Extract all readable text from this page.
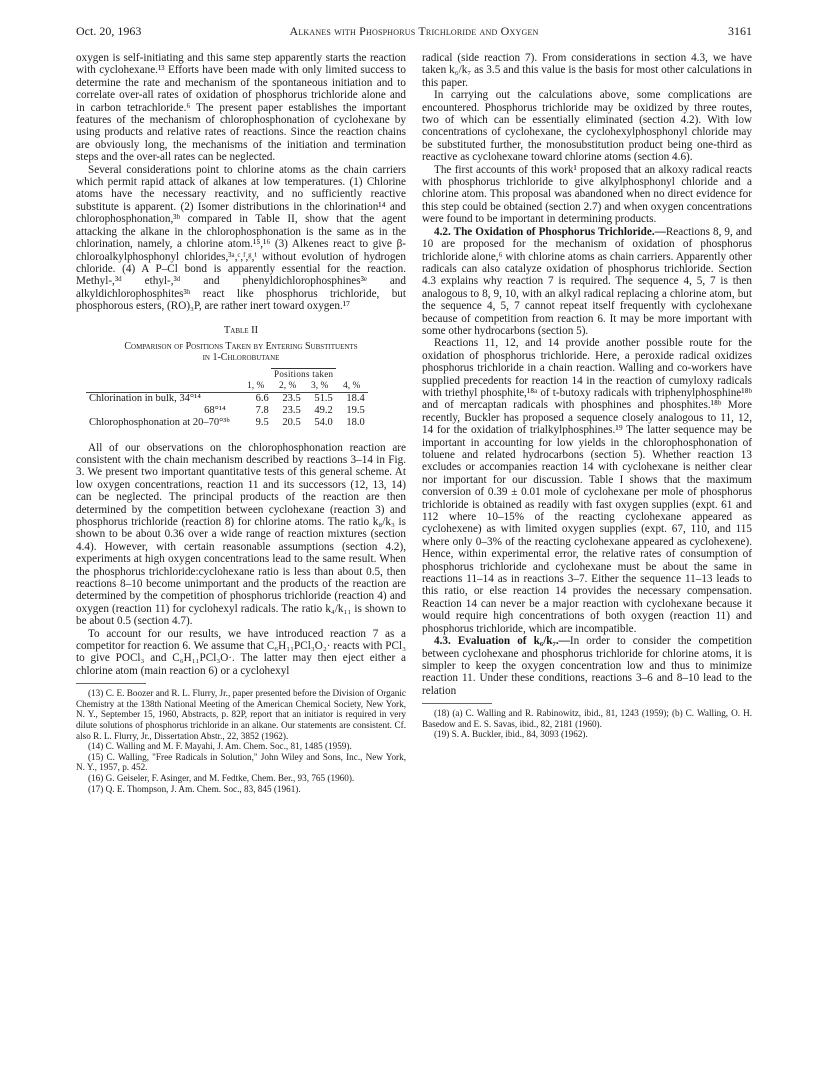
Oct. 20, 1963	Alkanes with Phosphorus Trichloride and Oxygen	3161

oxygen is self-initiating and this same step apparently starts the reaction with cyclohexane.¹³ Efforts have been made with only limited success to determine the rate and mechanism of the spontaneous initiation and to correlate over-all rates of oxidation of phosphorus trichloride alone and in carbon tetrachloride.⁶ The present paper establishes the important features of the mechanism of chlorophosphonation of cyclohexane by using products and relative rates of reactions. Since the reaction chains are obviously long, the mechanisms of the initiation and termination steps and the over-all rates can be neglected.

Several considerations point to chlorine atoms as the chain carriers which permit rapid attack of alkanes at low temperatures. (1) Chlorine atoms have the necessary reactivity, and no sufficiently reactive substitute is apparent. (2) Isomer distributions in the chlorination¹⁴ and chlorophosphonation,³ᵇ compared in Table II, show that the agent attacking the alkane in the chlorophosphonation is the same as in the chlorination, namely, a chlorine atom.¹⁵,¹⁶ (3) Alkenes react to give β-chloroalkylphosphonyl chlorides,³ᵃ,ᶜ,ᶠ,ᵍ,ⁱ without evolution of hydrogen chloride. (4) A P–Cl bond is apparently essential for the reaction. Methyl-,³ᵈ ethyl-,³ᵈ and phenyldichlorophosphines³ᵉ and alkyldichlorophosphites³ʰ react like phosphorus trichloride, but phosphorous esters, (RO)₃P, are rather inert toward oxygen.¹⁷

Table II
Comparison of Positions Taken by Entering Substituents
in 1-Chlorobutane
	Positions taken			
	1, %	2, %	3, %	4, %
Chlorination in bulk, 34°¹⁴	6.6	23.5	51.5	18.4
68°¹⁴	7.8	23.5	49.2	19.5
Chlorophosphonation at 20–70°³ᵇ	9.5	20.5	54.0	18.0

All of our observations on the chlorophosphonation reaction are consistent with the chain mechanism described by reactions 3–14 in Fig. 3. We present two important quantitative tests of this general scheme. At low oxygen concentrations, reaction 11 and its successors (12, 13, 14) can be neglected. The principal products of the reaction are then determined by the competition between cyclohexane (reaction 3) and phosphorus trichloride (reaction 8) for chlorine atoms. The ratio k₈/k₃ is shown to be about 0.36 over a wide range of reaction mixtures (section 4.4). However, with certain reasonable assumptions (section 4.2), experiments at high oxygen concentrations lead to the same result. When the phosphorus trichloride:cyclohexane ratio is less than about 0.5, then reactions 8–10 become unimportant and the products of the reaction are determined by the competition of phosphorus trichloride (reaction 4) and oxygen (reaction 11) for cyclohexyl radicals. The ratio k₄/k₁₁ is shown to be about 0.5 (section 4.7).

To account for our results, we have introduced reaction 7 as a competitor for reaction 6. We assume that C₆H₁₁PCl₃O₂· reacts with PCl₃ to give POCl₃ and C₆H₁₁PCl₃O·. The latter may then eject either a chlorine atom (main reaction 6) or a cyclohexyl

(13) C. E. Boozer and R. L. Flurry, Jr., paper presented before the Division of Organic Chemistry at the 138th National Meeting of the American Chemical Society, New York, N. Y., September 15, 1960, Abstracts, p. 82P, report that an initiator is required in very dilute solutions of phosphorus trichloride in an alkane. Our statements are consistent. Cf. also R. L. Flurry, Jr., Dissertation Abstr., 22, 3852 (1962).

(14) C. Walling and M. F. Mayahi, J. Am. Chem. Soc., 81, 1485 (1959).

(15) C. Walling, "Free Radicals in Solution," John Wiley and Sons, Inc., New York, N. Y., 1957, p. 452.

(16) G. Geiseler, F. Asinger, and M. Fedtke, Chem. Ber., 93, 765 (1960).

(17) Q. E. Thompson, J. Am. Chem. Soc., 83, 845 (1961).

radical (side reaction 7). From considerations in section 4.3, we have taken k₆/k₇ as 3.5 and this value is the basis for most other calculations in this paper.

In carrying out the calculations above, some complications are encountered. Phosphorus trichloride may be oxidized by three routes, two of which can be essentially eliminated (section 4.2). With low concentrations of cyclohexane, the cyclohexylphosphonyl chloride may be substituted further, the monosubstitution product being one-third as reactive as cyclohexane toward chlorine atoms (section 4.6).

The first accounts of this work¹ proposed that an alkoxy radical reacts with phosphorus trichloride to give alkylphosphonyl chloride and a chlorine atom. This proposal was abandoned when no direct evidence for this step could be obtained (section 2.7) and when oxygen concentrations were found to be important in determining products.

4.2. The Oxidation of Phosphorus Trichloride.—Reactions 8, 9, and 10 are proposed for the mechanism of oxidation of phosphorus trichloride alone,⁶ with chlorine atoms as chain carriers. Apparently other radicals can also catalyze oxidation of phosphorus trichloride. Section 4.3 explains why reaction 7 is required. The sequence 4, 5, 7 is then analogous to 8, 9, 10, with an alkyl radical replacing a chlorine atom, but the sequence 4, 5, 7 cannot repeat itself frequently with cyclohexane because of competition from reaction 6. It may be more important with some other hydrocarbons (section 5).

Reactions 11, 12, and 14 provide another possible route for the oxidation of phosphorus trichloride. Here, a peroxide radical oxidizes phosphorus trichloride in a chain reaction. Walling and co-workers have supplied precedents for reaction 14 in the reaction of cumyloxy radicals with triethyl phosphite,¹⁸ᵃ of t-butoxy radicals with triphenylphosphine¹⁸ᵇ and of mercaptan radicals with phosphines and phosphites.¹⁸ᵇ More recently, Buckler has proposed a sequence closely analogous to 11, 12, 14 for the oxidation of trialkylphosphines.¹⁹ The latter sequence may be important in accounting for low yields in the chlorophosphonation of toluene and related hydrocarbons (section 5). Whether reaction 13 excludes or accompanies reaction 14 with cyclohexane is neither clear nor important for our discussion. Table I shows that the maximum conversion of 0.39 ± 0.01 mole of cyclohexane per mole of phosphorus trichloride is obtained as readily with fast oxygen supplies (expt. 61 and 112 where 10–15% of the reacting cyclohexane appeared as cyclohexene) as with limited oxygen supplies (expt. 67, 110, and 115 where only 0–3% of the reacting cyclohexane appeared as cyclohexene). Hence, within experimental error, the relative rates of consumption of phosphorus trichloride and cyclohexane must be about the same in reactions 11–14 as in reactions 3–7. Either the sequence 11–13 leads to this ratio, or else reaction 14 provides the necessary compensation. Reaction 14 can never be a major reaction with cyclohexane because it would require high concentrations of both oxygen (reaction 11) and phosphorus trichloride, which are incompatible.

4.3. Evaluation of k₆/k₇.—In order to consider the competition between cyclohexane and phosphorus trichloride for chlorine atoms, it is simpler to keep the oxygen concentration low and thus to minimize reaction 11. Under these conditions, reactions 3–6 and 8–10 lead to the relation

(18) (a) C. Walling and R. Rabinowitz, ibid., 81, 1243 (1959); (b) C. Walling, O. H. Basedow and E. S. Savas, ibid., 82, 2181 (1960).

(19) S. A. Buckler, ibid., 84, 3093 (1962).
